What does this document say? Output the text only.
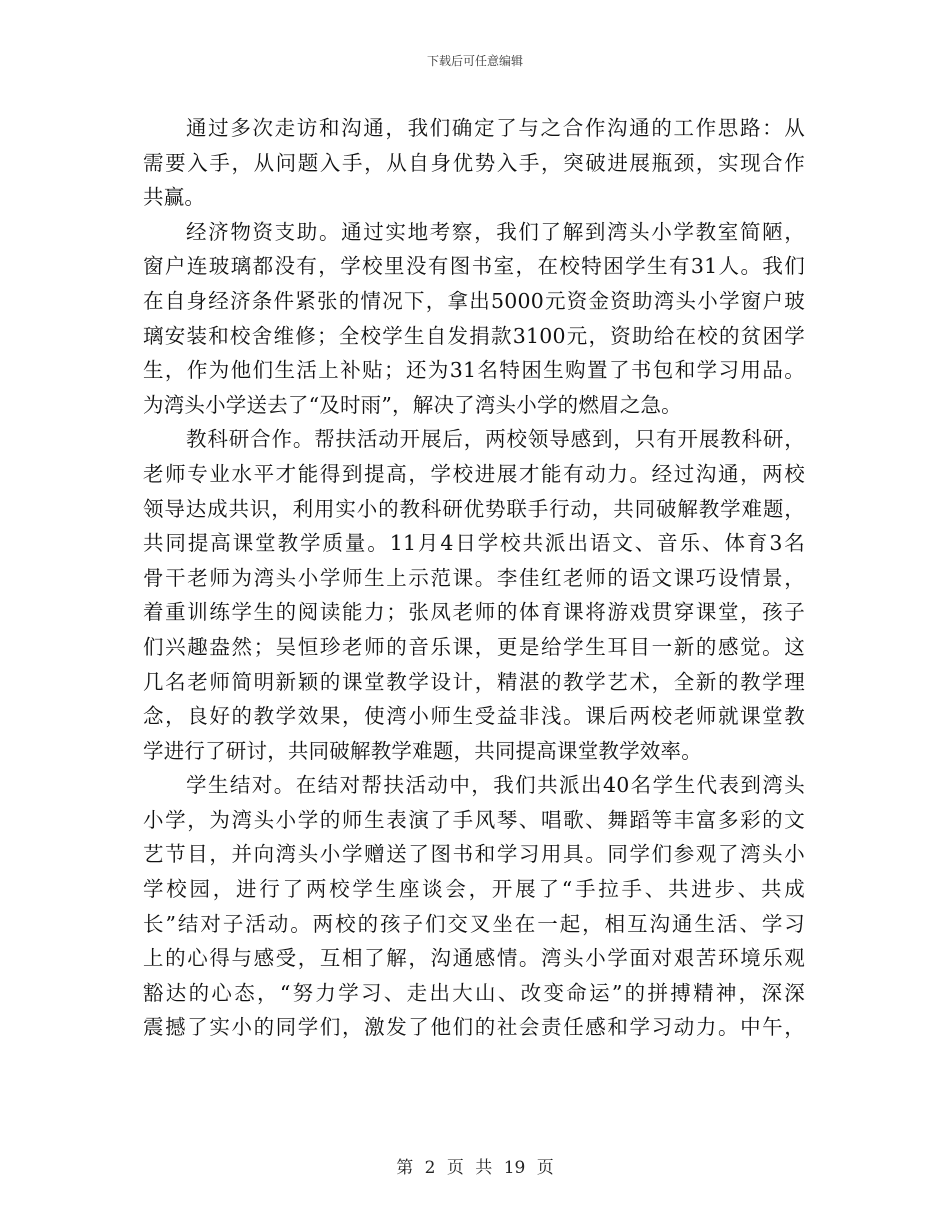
下载后可任意编辑
通过多次走访和沟通，我们确定了与之合作沟通的工作思路：从
需要入手，从问题入手，从自身优势入手，突破进展瓶颈，实现合作
共赢。
经济物资支助。通过实地考察，我们了解到湾头小学教室简陋，
窗户连玻璃都没有，学校里没有图书室，在校特困学生有31人。我们
在自身经济条件紧张的情况下，拿出5000元资金资助湾头小学窗户玻
璃安装和校舍维修；全校学生自发捐款3100元，资助给在校的贫困学
生，作为他们生活上补贴；还为31名特困生购置了书包和学习用品。
为湾头小学送去了“及时雨”，解决了湾头小学的燃眉之急。
教科研合作。帮扶活动开展后，两校领导感到，只有开展教科研，
老师专业水平才能得到提高，学校进展才能有动力。经过沟通，两校
领导达成共识，利用实小的教科研优势联手行动，共同破解教学难题，
共同提高课堂教学质量。11月4日学校共派出语文、音乐、体育3名
骨干老师为湾头小学师生上示范课。李佳红老师的语文课巧设情景，
着重训练学生的阅读能力；张凤老师的体育课将游戏贯穿课堂，孩子
们兴趣盎然；吴恒珍老师的音乐课，更是给学生耳目一新的感觉。这
几名老师简明新颖的课堂教学设计，精湛的教学艺术，全新的教学理
念，良好的教学效果，使湾小师生受益非浅。课后两校老师就课堂教
学进行了研讨，共同破解教学难题，共同提高课堂教学效率。
学生结对。在结对帮扶活动中，我们共派出40名学生代表到湾头
小学，为湾头小学的师生表演了手风琴、唱歌、舞蹈等丰富多彩的文
艺节目，并向湾头小学赠送了图书和学习用具。同学们参观了湾头小
学校园，进行了两校学生座谈会，开展了“手拉手、共进步、共成
长”结对子活动。两校的孩子们交叉坐在一起，相互沟通生活、学习
上的心得与感受，互相了解，沟通感情。湾头小学面对艰苦环境乐观
豁达的心态，“努力学习、走出大山、改变命运”的拼搏精神，深深
震撼了实小的同学们，激发了他们的社会责任感和学习动力。中午，
第 2 页 共 19 页
